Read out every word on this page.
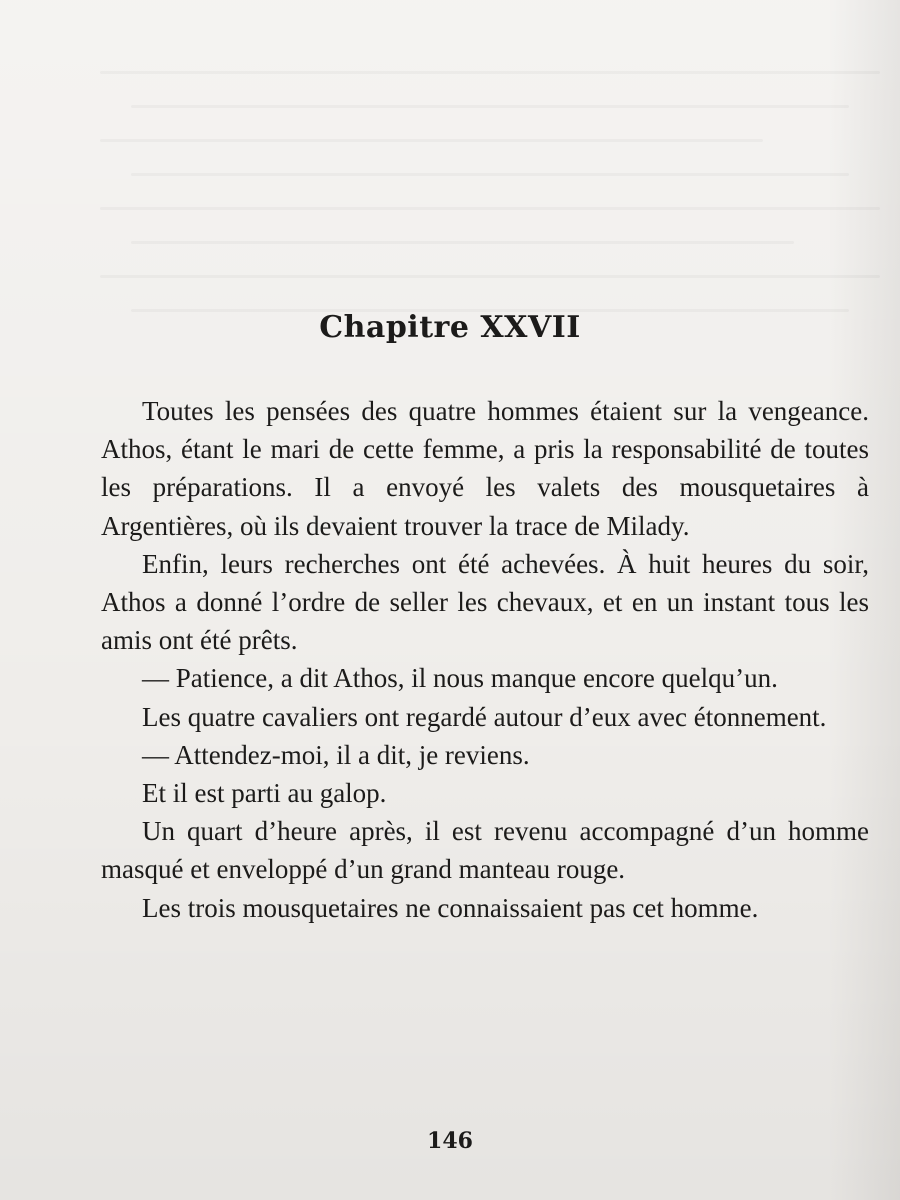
Chapitre XXVII

Toutes les pensées des quatre hommes étaient sur la vengeance. Athos, étant le mari de cette femme, a pris la responsabilité de toutes les préparations. Il a envoyé les valets des mousquetaires à Argentières, où ils devaient trouver la trace de Milady.

Enfin, leurs recherches ont été achevées. À huit heures du soir, Athos a donné l’ordre de seller les chevaux, et en un instant tous les amis ont été prêts.

— Patience, a dit Athos, il nous manque encore quelqu’un.

Les quatre cavaliers ont regardé autour d’eux avec étonnement.

— Attendez-moi, il a dit, je reviens.

Et il est parti au galop.

Un quart d’heure après, il est revenu accompagné d’un homme masqué et enveloppé d’un grand manteau rouge.

Les trois mousquetaires ne connaissaient pas cet homme.

146
